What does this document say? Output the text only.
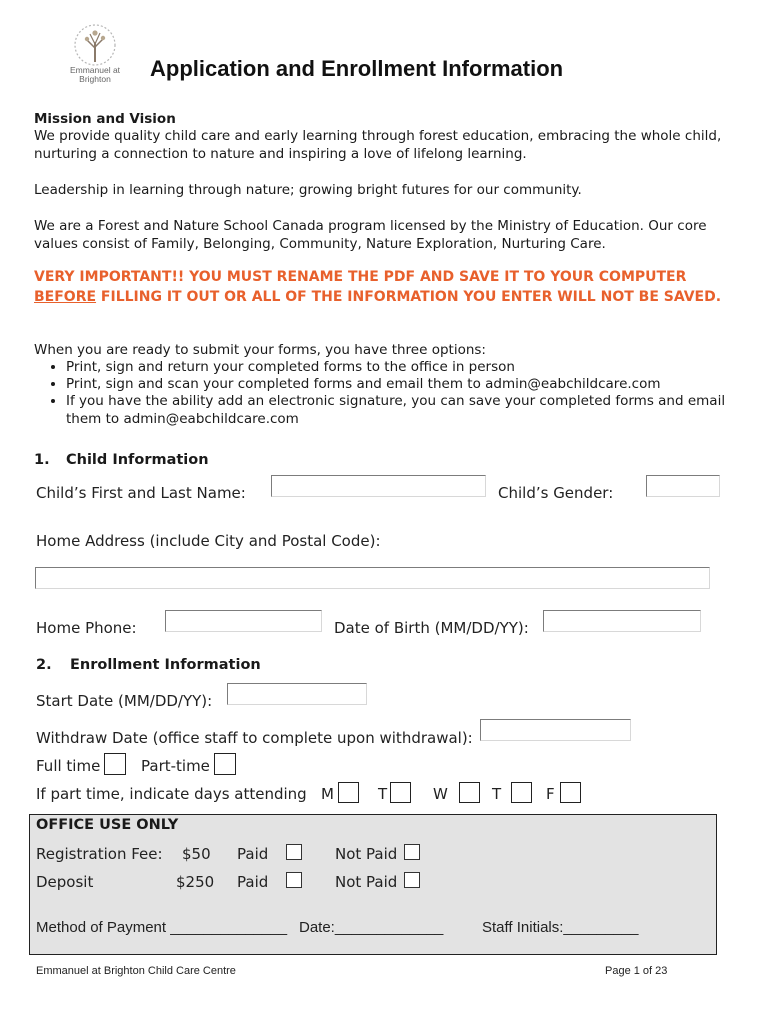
Emmanuel at Brighton	Application and Enrollment Information
Mission and Vision
We provide quality child care and early learning through forest education, embracing the whole child, nurturing a connection to nature and inspiring a love of lifelong learning.
Leadership in learning through nature; growing bright futures for our community.
We are a Forest and Nature School Canada program licensed by the Ministry of Education. Our core values consist of Family, Belonging, Community, Nature Exploration, Nurturing Care.
VERY IMPORTANT!! YOU MUST RENAME THE PDF AND SAVE IT TO YOUR COMPUTER BEFORE FILLING IT OUT OR ALL OF THE INFORMATION YOU ENTER WILL NOT BE SAVED.
When you are ready to submit your forms, you have three options:
• Print, sign and return your completed forms to the office in person
• Print, sign and scan your completed forms and email them to admin@eabchildcare.com
• If you have the ability add an electronic signature, you can save your completed forms and email them to admin@eabchildcare.com
1. Child Information
Child’s First and Last Name:	Child’s Gender:
Home Address (include City and Postal Code):
Home Phone:	Date of Birth (MM/DD/YY):
2. Enrollment Information
Start Date (MM/DD/YY):
Withdraw Date (office staff to complete upon withdrawal):
Full time	Part-time
If part time, indicate days attending M	T	W	T	F
OFFICE USE ONLY
Registration Fee: $50 Paid	Not Paid
Deposit	$250 Paid	Not Paid
Method of Payment ______________ Date:_____________	Staff Initials:_________
Emmanuel at Brighton Child Care Centre	Page 1 of 23
